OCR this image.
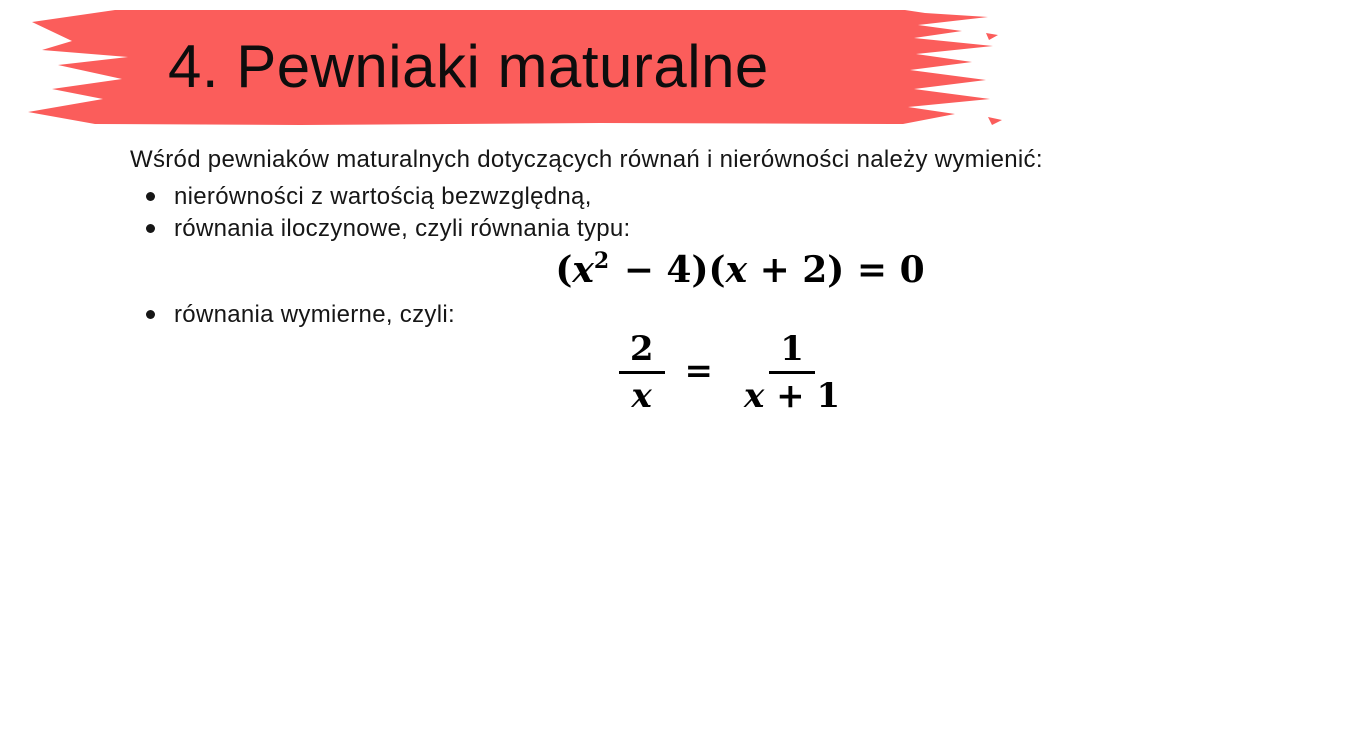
4. Pewniaki maturalne

Wśród pewniaków maturalnych dotyczących równań i nierówności należy wymienić:

nierówności z wartością bezwzględną,
równania iloczynowe, czyli równania typu:
$(x^2 - 4)(x + 2) = 0$
równania wymierne, czyli:
$\frac{2}{x} = \frac{1}{x + 1}$
